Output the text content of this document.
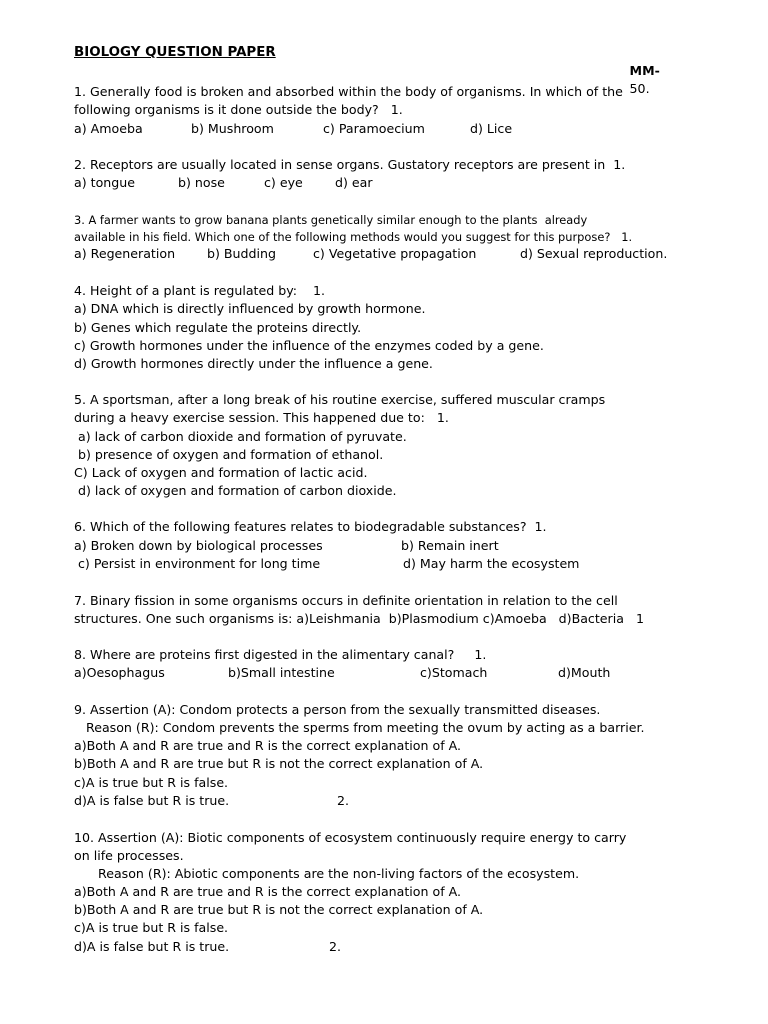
BIOLOGY QUESTION PAPER

MM-
50.

1. Generally food is broken and absorbed within the body of organisms. In which of the
following organisms is it done outside the body?   1.
a) Amoeba	b) Mushroom	c) Paramoecium	d) Lice
2. Receptors are usually located in sense organs. Gustatory receptors are present in  1.
a) tongue	b) nose	c) eye	d) ear
3. A farmer wants to grow banana plants genetically similar enough to the plants  already
available in his field. Which one of the following methods would you suggest for this purpose?   1.
a) Regeneration	b) Budding	c) Vegetative propagation	d) Sexual reproduction.
4. Height of a plant is regulated by:    1.
a) DNA which is directly influenced by growth hormone.
b) Genes which regulate the proteins directly.
c) Growth hormones under the influence of the enzymes coded by a gene.
d) Growth hormones directly under the influence a gene.
5. A sportsman, after a long break of his routine exercise, suffered muscular cramps
during a heavy exercise session. This happened due to:   1.
a) lack of carbon dioxide and formation of pyruvate.
b) presence of oxygen and formation of ethanol.
C) Lack of oxygen and formation of lactic acid.
d) lack of oxygen and formation of carbon dioxide.
6. Which of the following features relates to biodegradable substances?  1.
a) Broken down by biological processes	b) Remain inert
c) Persist in environment for long time	d) May harm the ecosystem
7. Binary fission in some organisms occurs in definite orientation in relation to the cell
structures. One such organisms is: a)Leishmania  b)Plasmodium c)Amoeba   d)Bacteria   1
8. Where are proteins first digested in the alimentary canal?     1.
a)Oesophagus	b)Small intestine	c)Stomach	d)Mouth
9. Assertion (A): Condom protects a person from the sexually transmitted diseases.
Reason (R): Condom prevents the sperms from meeting the ovum by acting as a barrier.
a)Both A and R are true and R is the correct explanation of A.
b)Both A and R are true but R is not the correct explanation of A.
c)A is true but R is false.
d)A is false but R is true.	2.
10. Assertion (A): Biotic components of ecosystem continuously require energy to carry
on life processes.
Reason (R): Abiotic components are the non-living factors of the ecosystem.
a)Both A and R are true and R is the correct explanation of A.
b)Both A and R are true but R is not the correct explanation of A.
c)A is true but R is false.
d)A is false but R is true.	2.
